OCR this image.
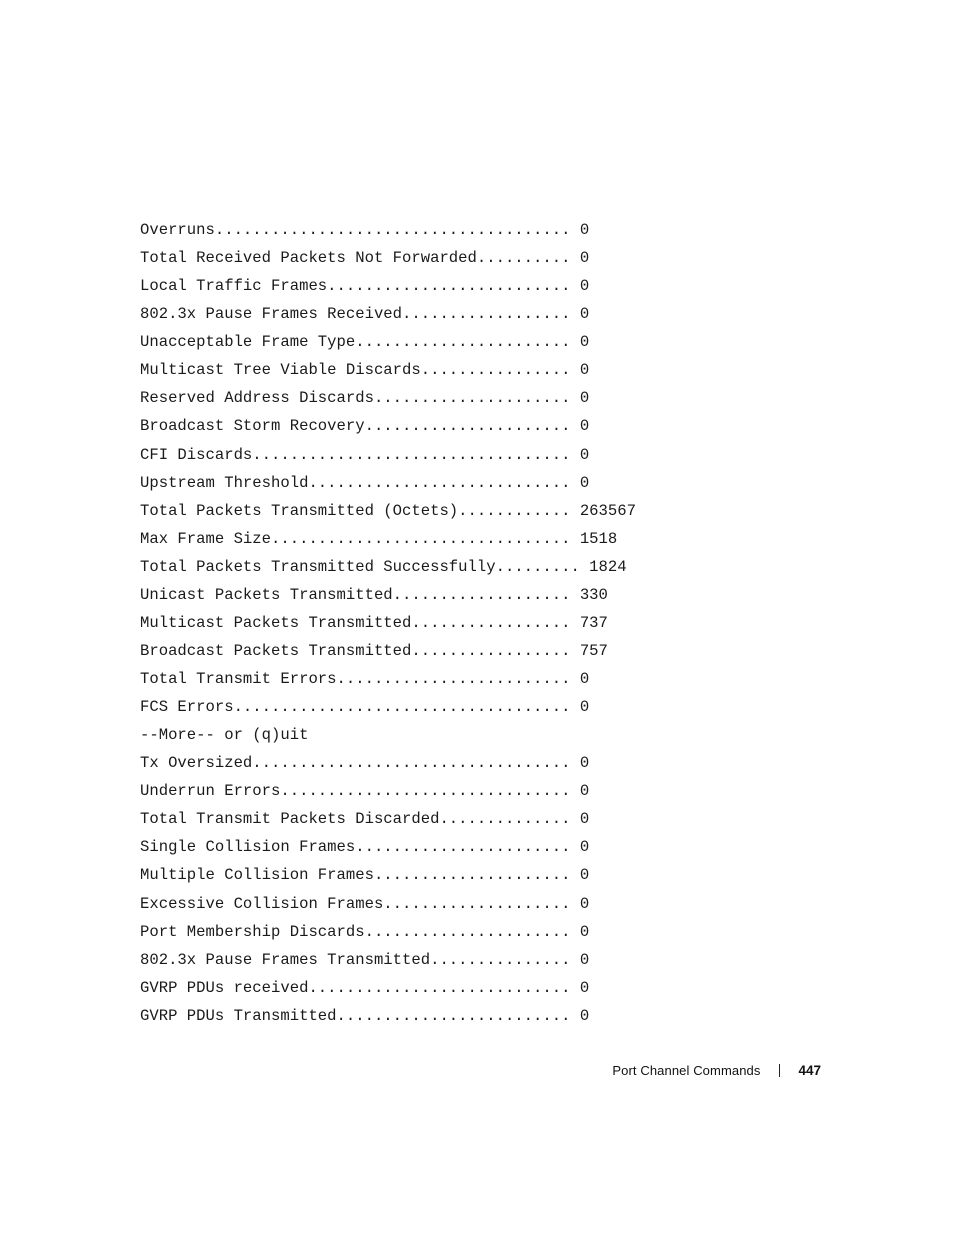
Overruns...................................... 0
Total Received Packets Not Forwarded.......... 0
Local Traffic Frames.......................... 0
802.3x Pause Frames Received.................. 0
Unacceptable Frame Type....................... 0
Multicast Tree Viable Discards................ 0
Reserved Address Discards..................... 0
Broadcast Storm Recovery...................... 0
CFI Discards.................................. 0
Upstream Threshold............................ 0
Total Packets Transmitted (Octets)............ 263567
Max Frame Size................................ 1518
Total Packets Transmitted Successfully......... 1824
Unicast Packets Transmitted................... 330
Multicast Packets Transmitted................. 737
Broadcast Packets Transmitted................. 757
Total Transmit Errors......................... 0
FCS Errors.................................... 0
--More-- or (q)uit
Tx Oversized.................................. 0
Underrun Errors............................... 0
Total Transmit Packets Discarded.............. 0
Single Collision Frames....................... 0
Multiple Collision Frames..................... 0
Excessive Collision Frames.................... 0
Port Membership Discards...................... 0
802.3x Pause Frames Transmitted............... 0
GVRP PDUs received............................ 0
GVRP PDUs Transmitted......................... 0
Port Channel Commands	447
